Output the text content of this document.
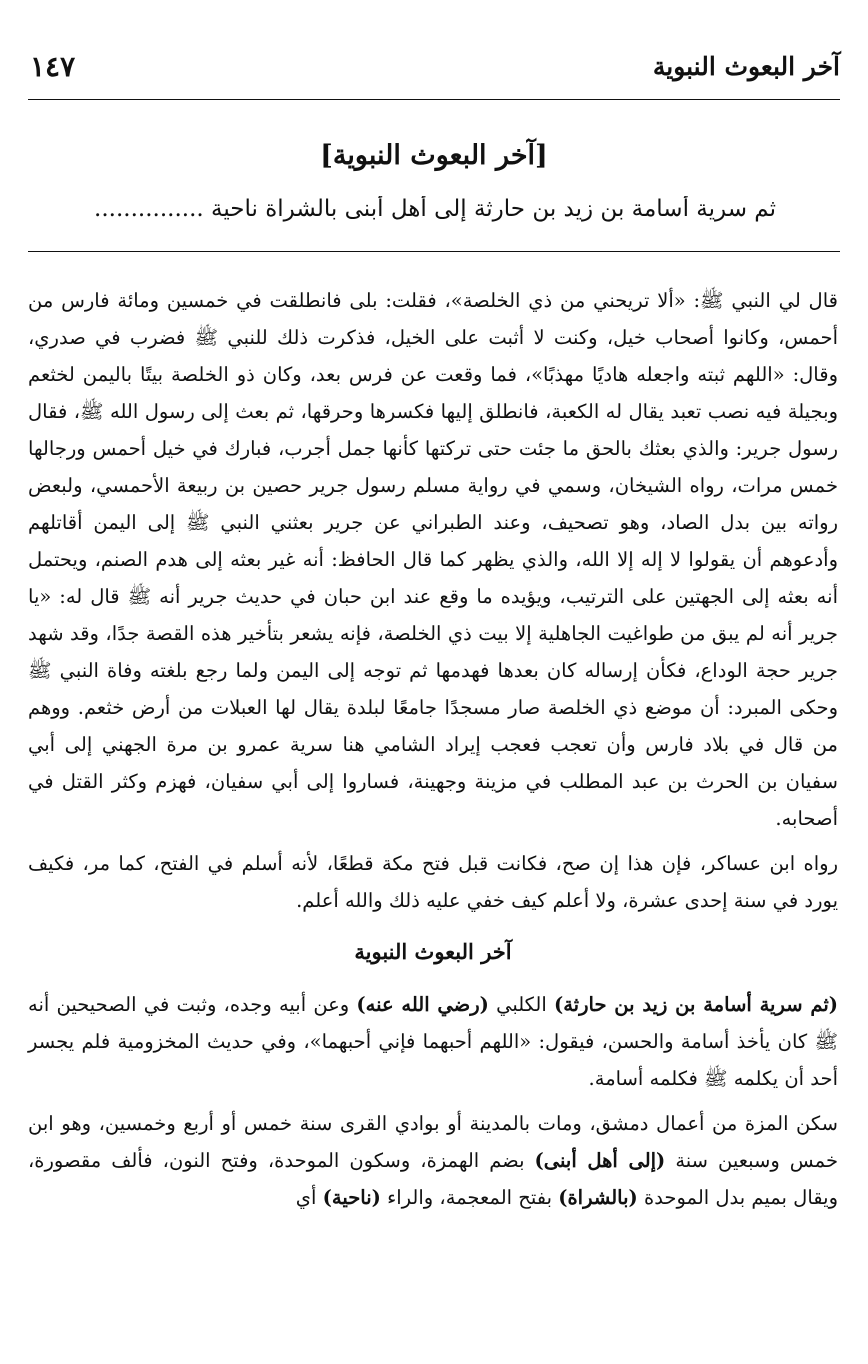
آخر البعوث النبوية
١٤٧
[آخر البعوث النبوية]
ثم سرية أسامة بن زيد بن حارثة إلى أهل أبنى بالشراة ناحية ...............

قال لي النبي ﷺ: «ألا تريحني من ذي الخلصة»، فقلت: بلى فانطلقت في خمسين ومائة فارس من أحمس، وكانوا أصحاب خيل، وكنت لا أثبت على الخيل، فذكرت ذلك للنبي ﷺ فضرب في صدري، وقال: «اللهم ثبته واجعله هاديًا مهذبًا»، فما وقعت عن فرس بعد، وكان ذو الخلصة بيتًا باليمن لخثعم وبجيلة فيه نصب تعبد يقال له الكعبة، فانطلق إليها فكسرها وحرقها، ثم بعث إلى رسول الله ﷺ، فقال رسول جرير: والذي بعثك بالحق ما جئت حتى تركتها كأنها جمل أجرب، فبارك في خيل أحمس ورجالها خمس مرات، رواه الشيخان، وسمي في رواية مسلم رسول جرير حصين بن ربيعة الأحمسي، ولبعض رواته بين بدل الصاد، وهو تصحيف، وعند الطبراني عن جرير بعثني النبي ﷺ إلى اليمن أقاتلهم وأدعوهم أن يقولوا لا إله إلا الله، والذي يظهر كما قال الحافظ: أنه غير بعثه إلى هدم الصنم، ويحتمل أنه بعثه إلى الجهتين على الترتيب، ويؤيده ما وقع عند ابن حبان في حديث جرير أنه ﷺ قال له: «يا جرير أنه لم يبق من طواغيت الجاهلية إلا بيت ذي الخلصة، فإنه يشعر بتأخير هذه القصة جدًا، وقد شهد جرير حجة الوداع، فكأن إرساله كان بعدها فهدمها ثم توجه إلى اليمن ولما رجع بلغته وفاة النبي ﷺ وحكى المبرد: أن موضع ذي الخلصة صار مسجدًا جامعًا لبلدة يقال لها العبلات من أرض خثعم. ووهم من قال في بلاد فارس وأن تعجب فعجب إيراد الشامي هنا سرية عمرو بن مرة الجهني إلى أبي سفيان بن الحرث بن عبد المطلب في مزينة وجهينة، فساروا إلى أبي سفيان، فهزم وكثر القتل في أصحابه.

رواه ابن عساكر، فإن هذا إن صح، فكانت قبل فتح مكة قطعًا، لأنه أسلم في الفتح، كما مر، فكيف يورد في سنة إحدى عشرة، ولا أعلم كيف خفي عليه ذلك والله أعلم.

آخر البعوث النبوية

(ثم سرية أسامة بن زيد بن حارثة) الكلبي (رضي الله عنه) وعن أبيه وجده، وثبت في الصحيحين أنه ﷺ كان يأخذ أسامة والحسن، فيقول: «اللهم أحبهما فإني أحبهما»، وفي حديث المخزومية فلم يجسر أحد أن يكلمه ﷺ فكلمه أسامة.

سكن المزة من أعمال دمشق، ومات بالمدينة أو بوادي القرى سنة خمس أو أربع وخمسين، وهو ابن خمس وسبعين سنة (إلى أهل أبنى) بضم الهمزة، وسكون الموحدة، وفتح النون، فألف مقصورة، ويقال بميم بدل الموحدة (بالشراة) بفتح المعجمة، والراء (ناحية) أي
